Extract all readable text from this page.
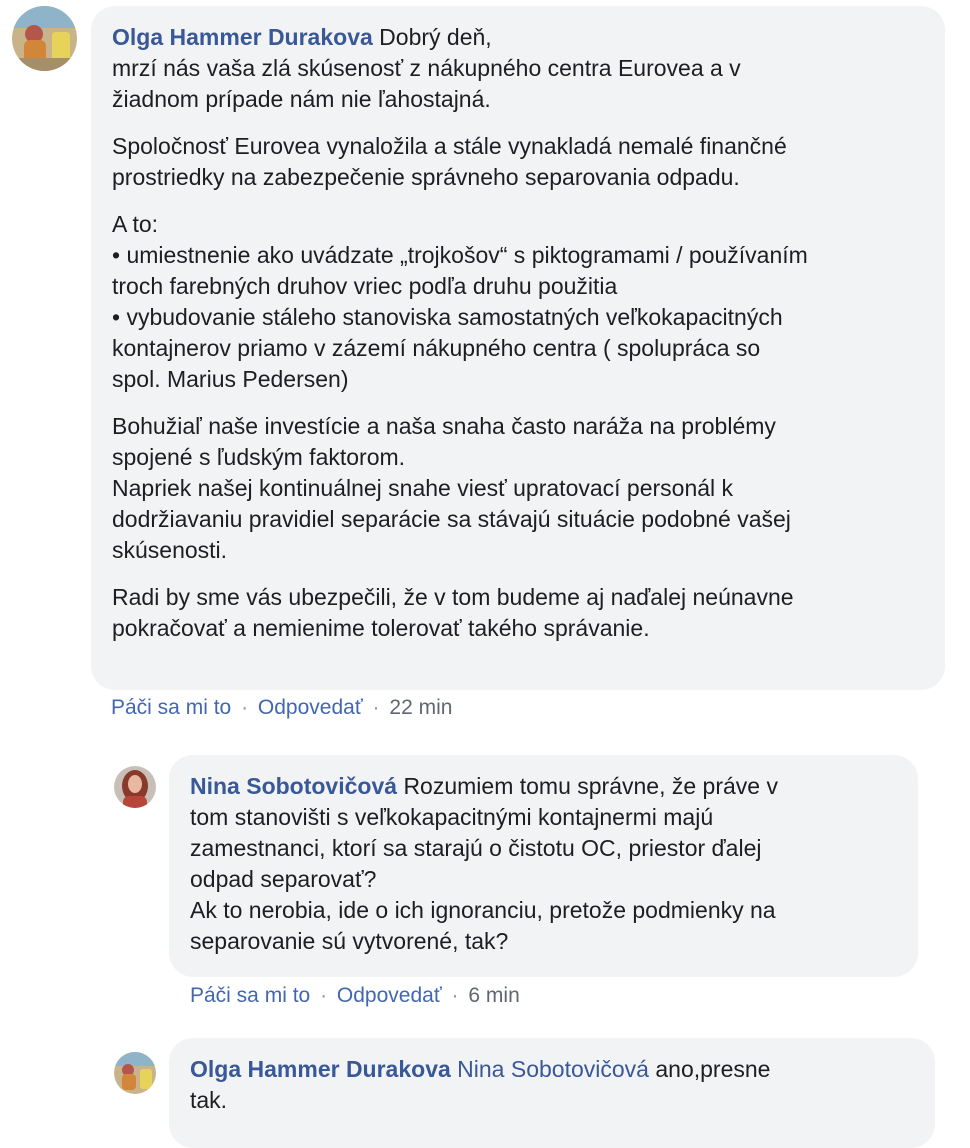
Olga Hammer Durakova Dobrý deň,
mrzí nás vaša zlá skúsenosť z nákupného centra Eurovea a v
žiadnom prípade nám nie ľahostajná.
Spoločnosť Eurovea vynaložila a stále vynakladá nemalé finančné
prostriedky na zabezpečenie správneho separovania odpadu.
A to:
• umiestnenie ako uvádzate „trojkošov“ s piktogramami / používaním
troch farebných druhov vriec podľa druhu použitia
• vybudovanie stáleho stanoviska samostatných veľkokapacitných
kontajnerov priamo v zázemí nákupného centra ( spolupráca so
spol. Marius Pedersen)
Bohužiaľ naše investície a naša snaha často naráža na problémy
spojené s ľudským faktorom.
Napriek našej kontinuálnej snahe viesť upratovací personál k
dodržiavaniu pravidiel separácie sa stávajú situácie podobné vašej
skúsenosti.
Radi by sme vás ubezpečili, že v tom budeme aj naďalej neúnavne
pokračovať a nemienime tolerovať takého správanie.
Páči sa mi to · Odpovedať · 22 min
Nina Sobotovičová Rozumiem tomu správne, že práve v
tom stanovišti s veľkokapacitnými kontajnermi majú
zamestnanci, ktorí sa starajú o čistotu OC, priestor ďalej
odpad separovať?
Ak to nerobia, ide o ich ignoranciu, pretože podmienky na
separovanie sú vytvorené, tak?
Páči sa mi to · Odpovedať · 6 min
Olga Hammer Durakova Nina Sobotovičová ano,presne
tak.
